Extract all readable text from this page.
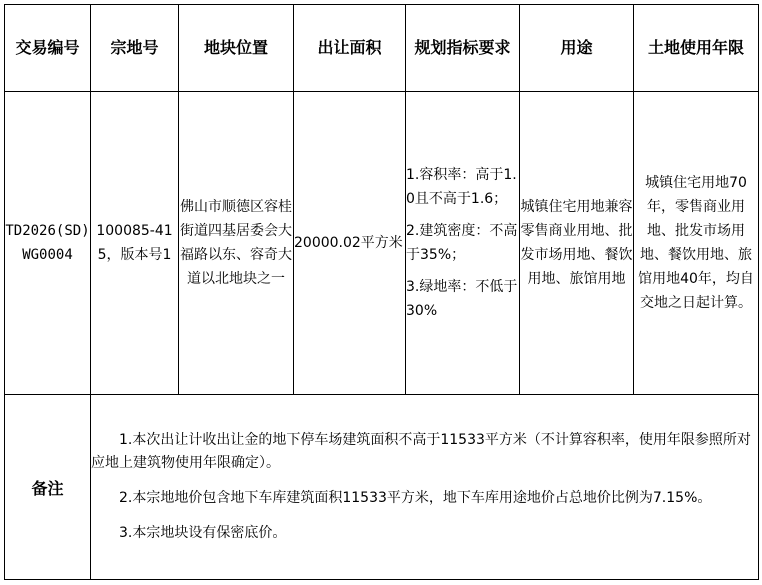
交易编号	宗地号	地块位置	出让面积	规划指标要求	用途	土地使用年限
TD2026(SD)WG0004	100085-415，版本号1	佛山市顺德区容桂街道四基居委会大福路以东、容奇大道以北地块之一	20000.02平方米	1.容积率：高于1.0且不高于1.6；
2.建筑密度：不高于35%；
3.绿地率：不低于30%	城镇住宅用地兼容零售商业用地、批发市场用地、餐饮用地、旅馆用地	城镇住宅用地70年，零售商业用地、批发市场用地、餐饮用地、旅馆用地40年，均自交地之日起计算。
备注	1.本次出让计收出让金的地下停车场建筑面积不高于11533平方米（不计算容积率，使用年限参照所对应地上建筑物使用年限确定）。

2.本宗地地价包含地下车库建筑面积11533平方米，地下车库用途地价占总地价比例为7.15%。

3.本宗地块设有保密底价。					
